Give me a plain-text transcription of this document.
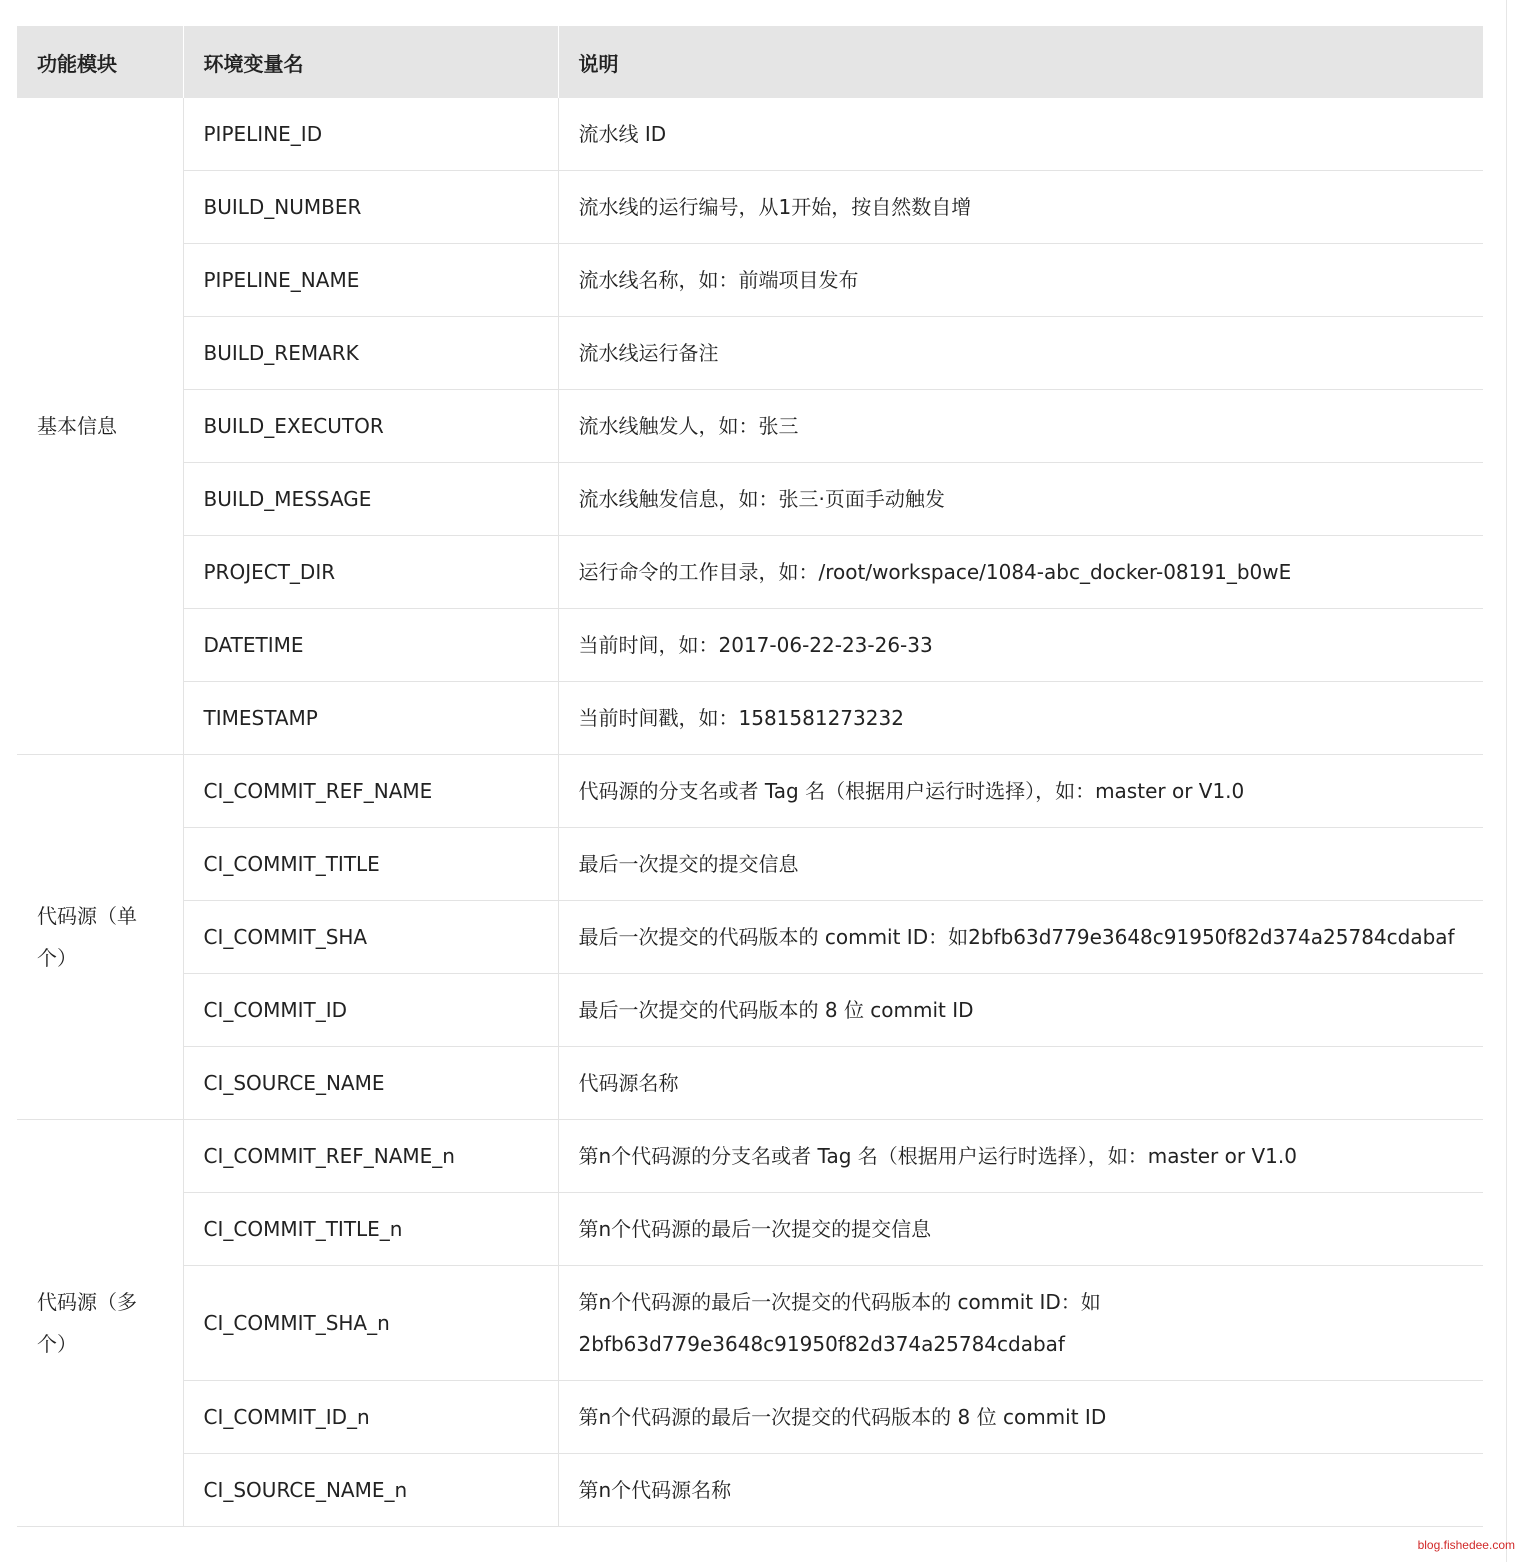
功能模块	环境变量名	说明
基本信息	PIPELINE_ID	流水线 ID
	BUILD_NUMBER	流水线的运行编号，从1开始，按自然数自增
	PIPELINE_NAME	流水线名称，如：前端项目发布
	BUILD_REMARK	流水线运行备注
	BUILD_EXECUTOR	流水线触发人，如：张三
	BUILD_MESSAGE	流水线触发信息，如：张三·页面手动触发
	PROJECT_DIR	运行命令的工作目录，如：/root/workspace/1084-abc_docker-08191_b0wE
	DATETIME	当前时间，如：2017-06-22-23-26-33
	TIMESTAMP	当前时间戳，如：1581581273232
代码源（单个）	CI_COMMIT_REF_NAME	代码源的分支名或者 Tag 名（根据用户运行时选择），如：master or V1.0
	CI_COMMIT_TITLE	最后一次提交的提交信息
	CI_COMMIT_SHA	最后一次提交的代码版本的 commit ID：如2bfb63d779e3648c91950f82d374a25784cdabaf
	CI_COMMIT_ID	最后一次提交的代码版本的 8 位 commit ID
	CI_SOURCE_NAME	代码源名称
代码源（多个）	CI_COMMIT_REF_NAME_n	第n个代码源的分支名或者 Tag 名（根据用户运行时选择），如：master or V1.0
	CI_COMMIT_TITLE_n	第n个代码源的最后一次提交的提交信息
	CI_COMMIT_SHA_n	第n个代码源的最后一次提交的代码版本的 commit ID：如2bfb63d779e3648c91950f82d374a25784cdabaf
	CI_COMMIT_ID_n	第n个代码源的最后一次提交的代码版本的 8 位 commit ID
	CI_SOURCE_NAME_n	第n个代码源名称
blog.fishedee.com
